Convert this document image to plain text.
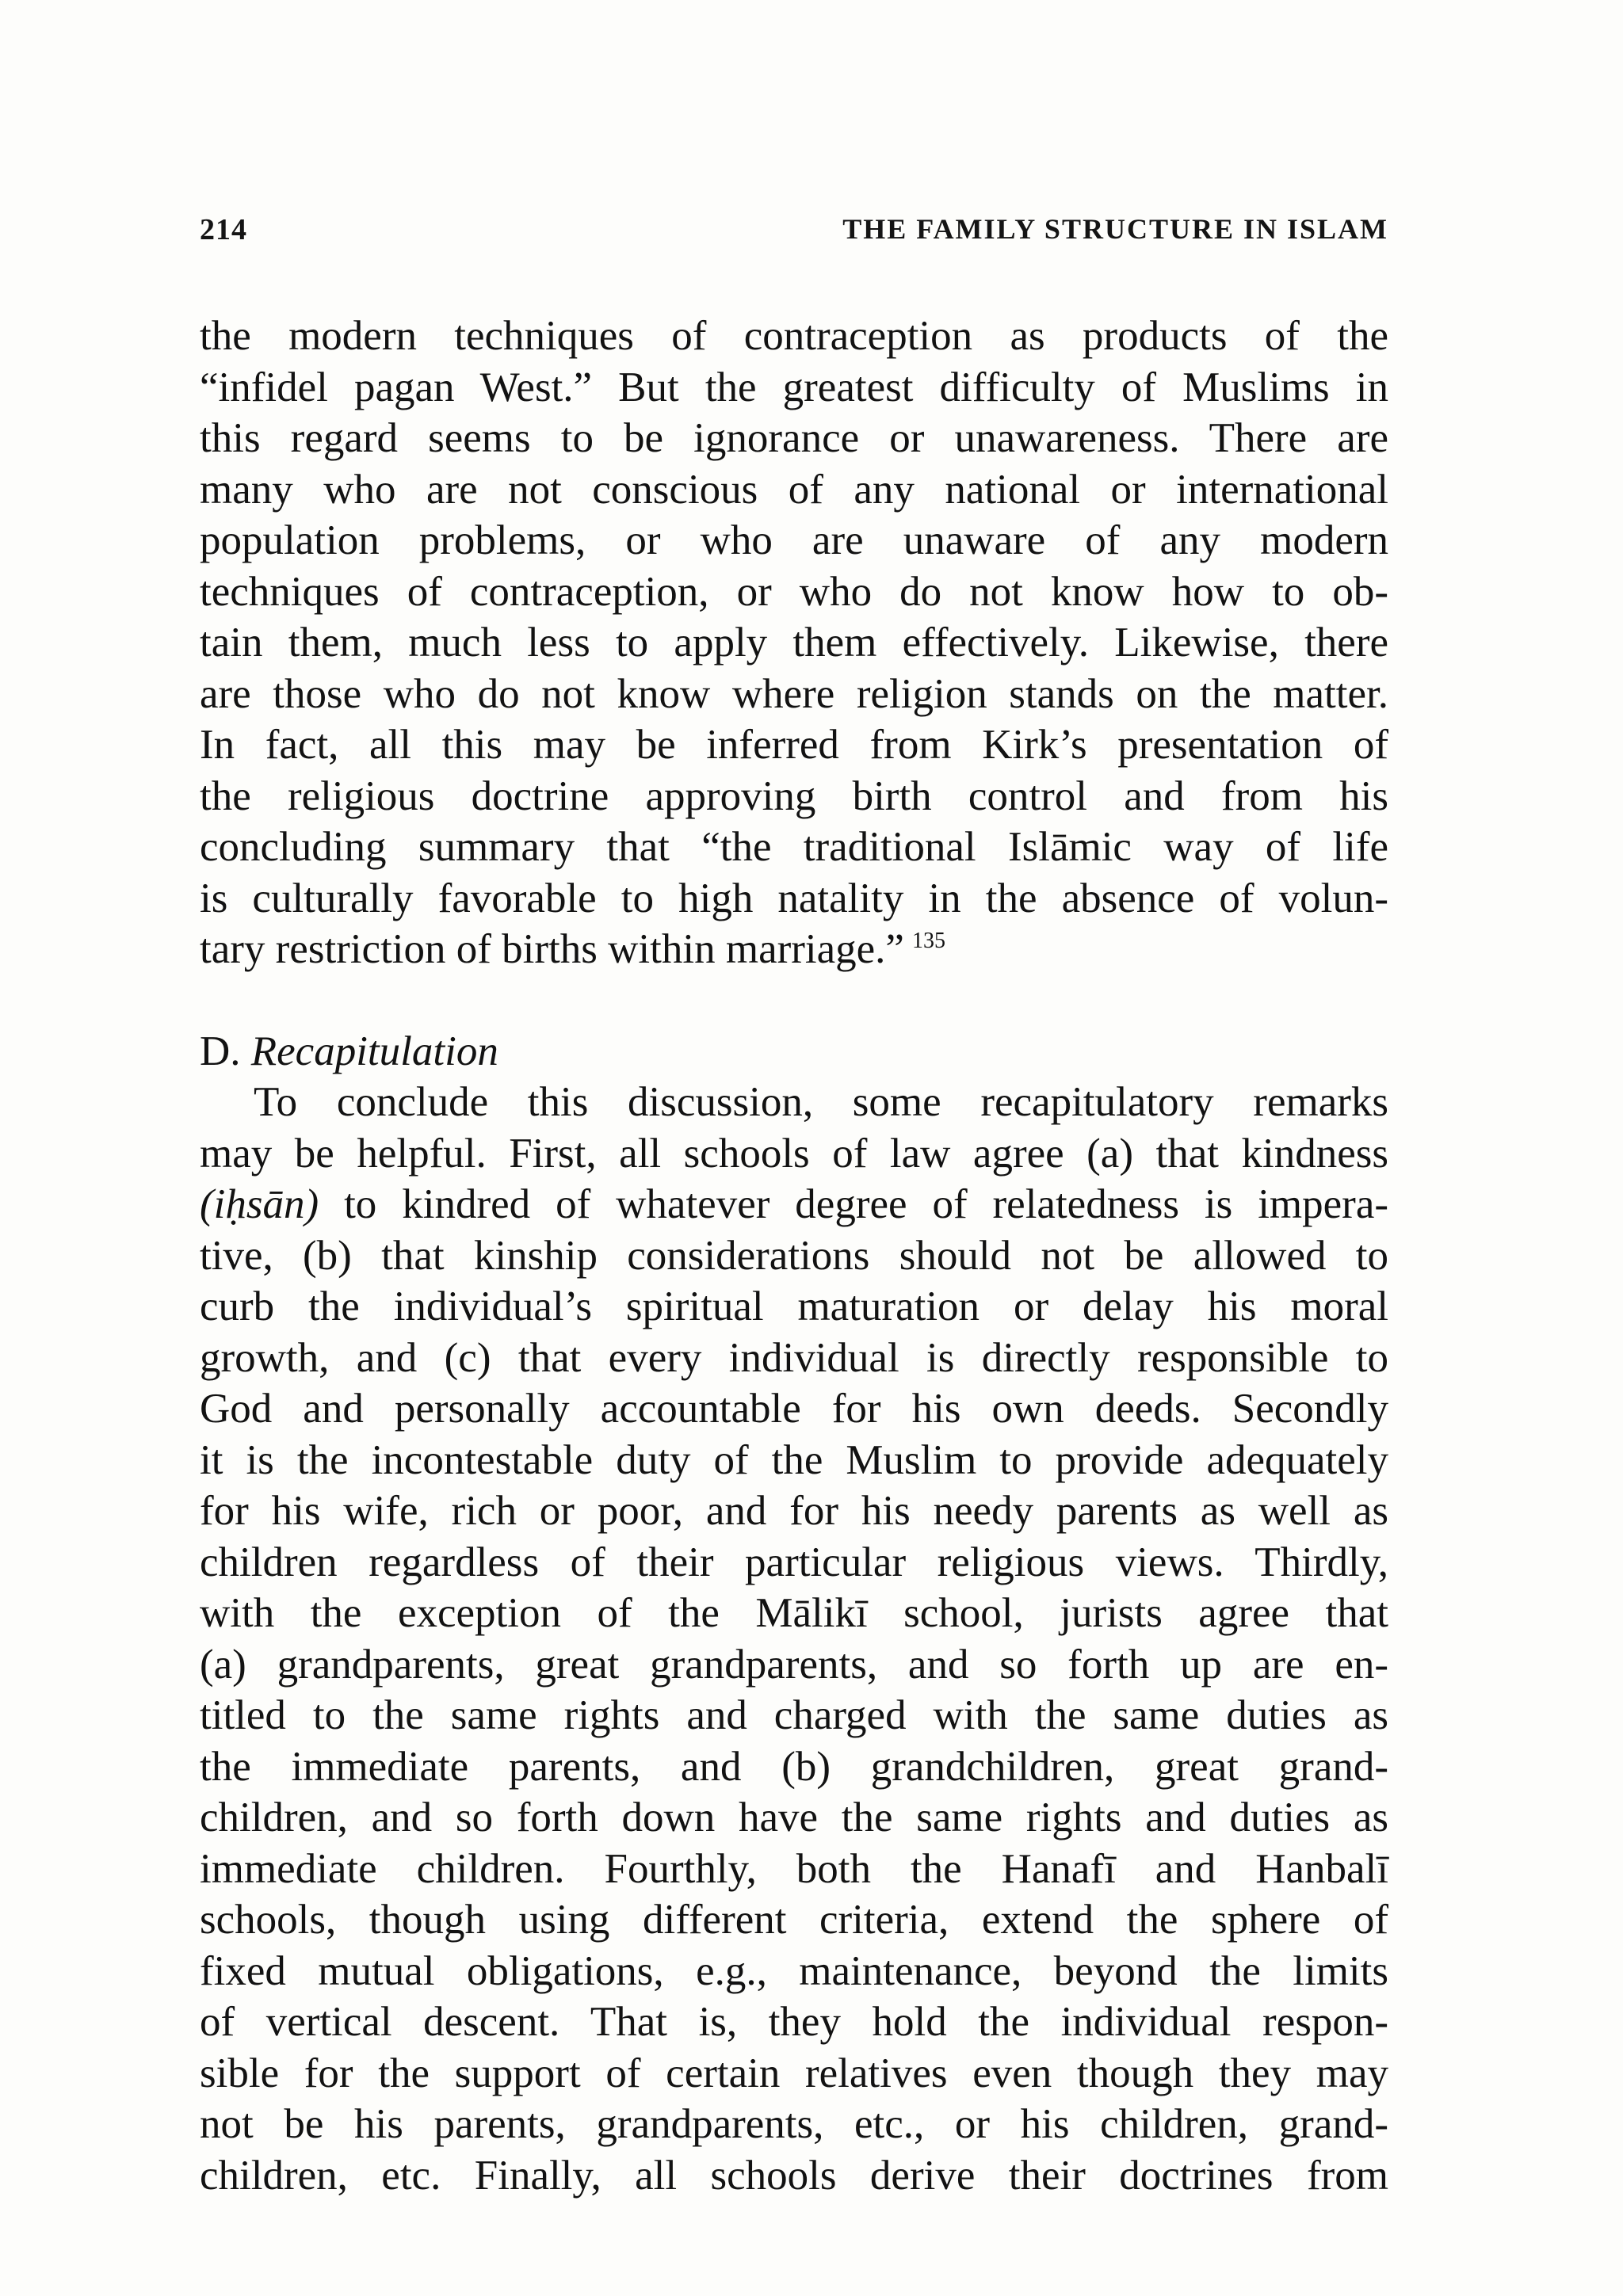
214	THE FAMILY STRUCTURE IN ISLAM
the modern techniques of contraception as products of the
“infidel pagan West.” But the greatest difficulty of Muslims in
this regard seems to be ignorance or unawareness. There are
many who are not conscious of any national or international
population problems, or who are unaware of any modern
techniques of contraception, or who do not know how to ob-
tain them, much less to apply them effectively. Likewise, there
are those who do not know where religion stands on the matter.
In fact, all this may be inferred from Kirk’s presentation of
the religious doctrine approving birth control and from his
concluding summary that “the traditional Islāmic way of life
is culturally favorable to high natality in the absence of volun-
tary restriction of births within marriage.” $^{135}$
D. Recapitulation
To conclude this discussion, some recapitulatory remarks
may be helpful. First, all schools of law agree (a) that kindness
(iḥsān) to kindred of whatever degree of relatedness is impera-
tive, (b) that kinship considerations should not be allowed to
curb the individual’s spiritual maturation or delay his moral
growth, and (c) that every individual is directly responsible to
God and personally accountable for his own deeds. Secondly
it is the incontestable duty of the Muslim to provide adequately
for his wife, rich or poor, and for his needy parents as well as
children regardless of their particular religious views. Thirdly,
with the exception of the Mālikī school, jurists agree that
(a) grandparents, great grandparents, and so forth up are en-
titled to the same rights and charged with the same duties as
the immediate parents, and (b) grandchildren, great grand-
children, and so forth down have the same rights and duties as
immediate children. Fourthly, both the Hanafī and Hanbalī
schools, though using different criteria, extend the sphere of
fixed mutual obligations, e.g., maintenance, beyond the limits
of vertical descent. That is, they hold the individual respon-
sible for the support of certain relatives even though they may
not be his parents, grandparents, etc., or his children, grand-
children, etc. Finally, all schools derive their doctrines from
